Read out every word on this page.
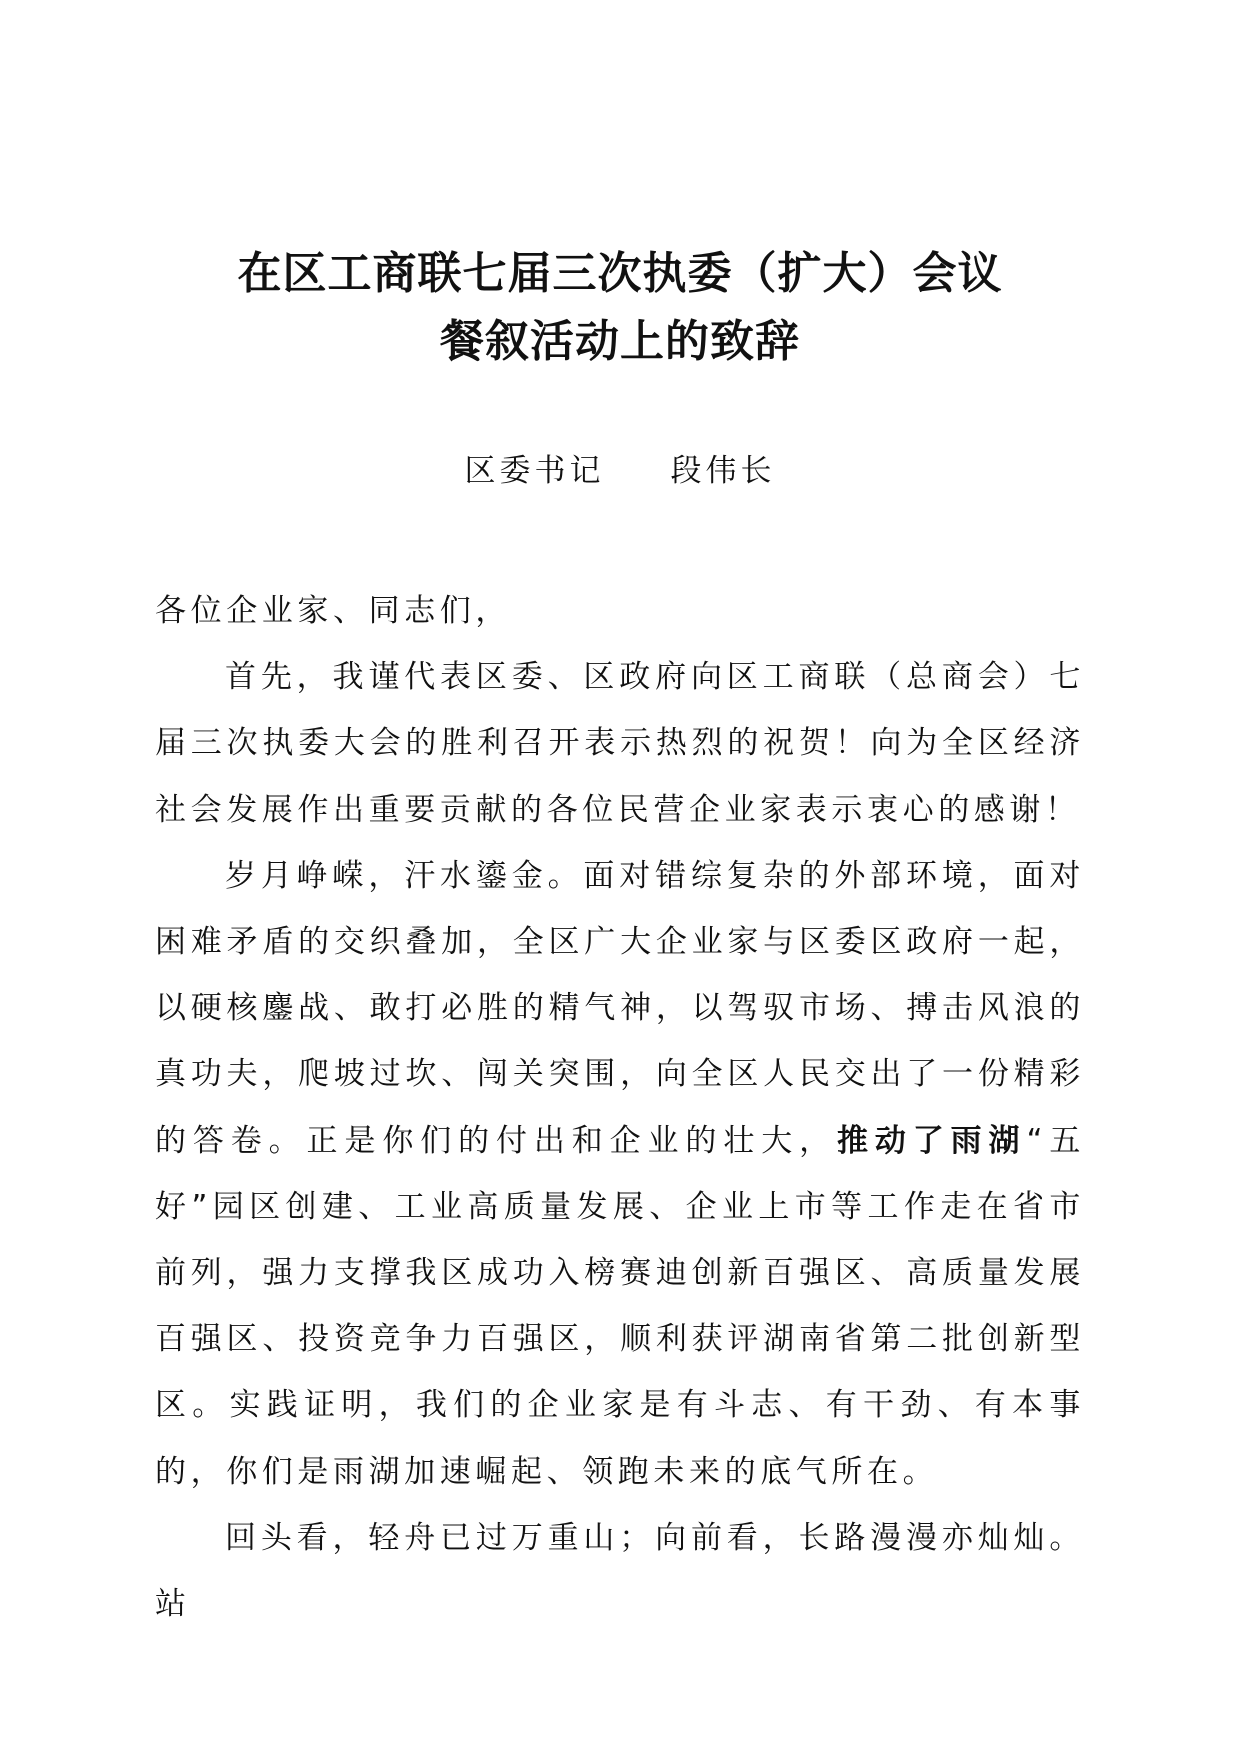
在区工商联七届三次执委（扩大）会议
餐叙活动上的致辞
区委书记 段伟长

各位企业家、同志们，

首先，我谨代表区委、区政府向区工商联（总商会）七届三次执委大会的胜利召开表示热烈的祝贺！向为全区经济社会发展作出重要贡献的各位民营企业家表示衷心的感谢！

岁月峥嵘，汗水鎏金。面对错综复杂的外部环境，面对困难矛盾的交织叠加，全区广大企业家与区委区政府一起，以硬核鏖战、敢打必胜的精气神，以驾驭市场、搏击风浪的真功夫，爬坡过坎、闯关突围，向全区人民交出了一份精彩的答卷。正是你们的付出和企业的壮大，推动了雨湖“五好”园区创建、工业高质量发展、企业上市等工作走在省市前列，强力支撑我区成功入榜赛迪创新百强区、高质量发展百强区、投资竞争力百强区，顺利获评湖南省第二批创新型区。实践证明，我们的企业家是有斗志、有干劲、有本事的，你们是雨湖加速崛起、领跑未来的底气所在。

回头看，轻舟已过万重山；向前看，长路漫漫亦灿灿。站
